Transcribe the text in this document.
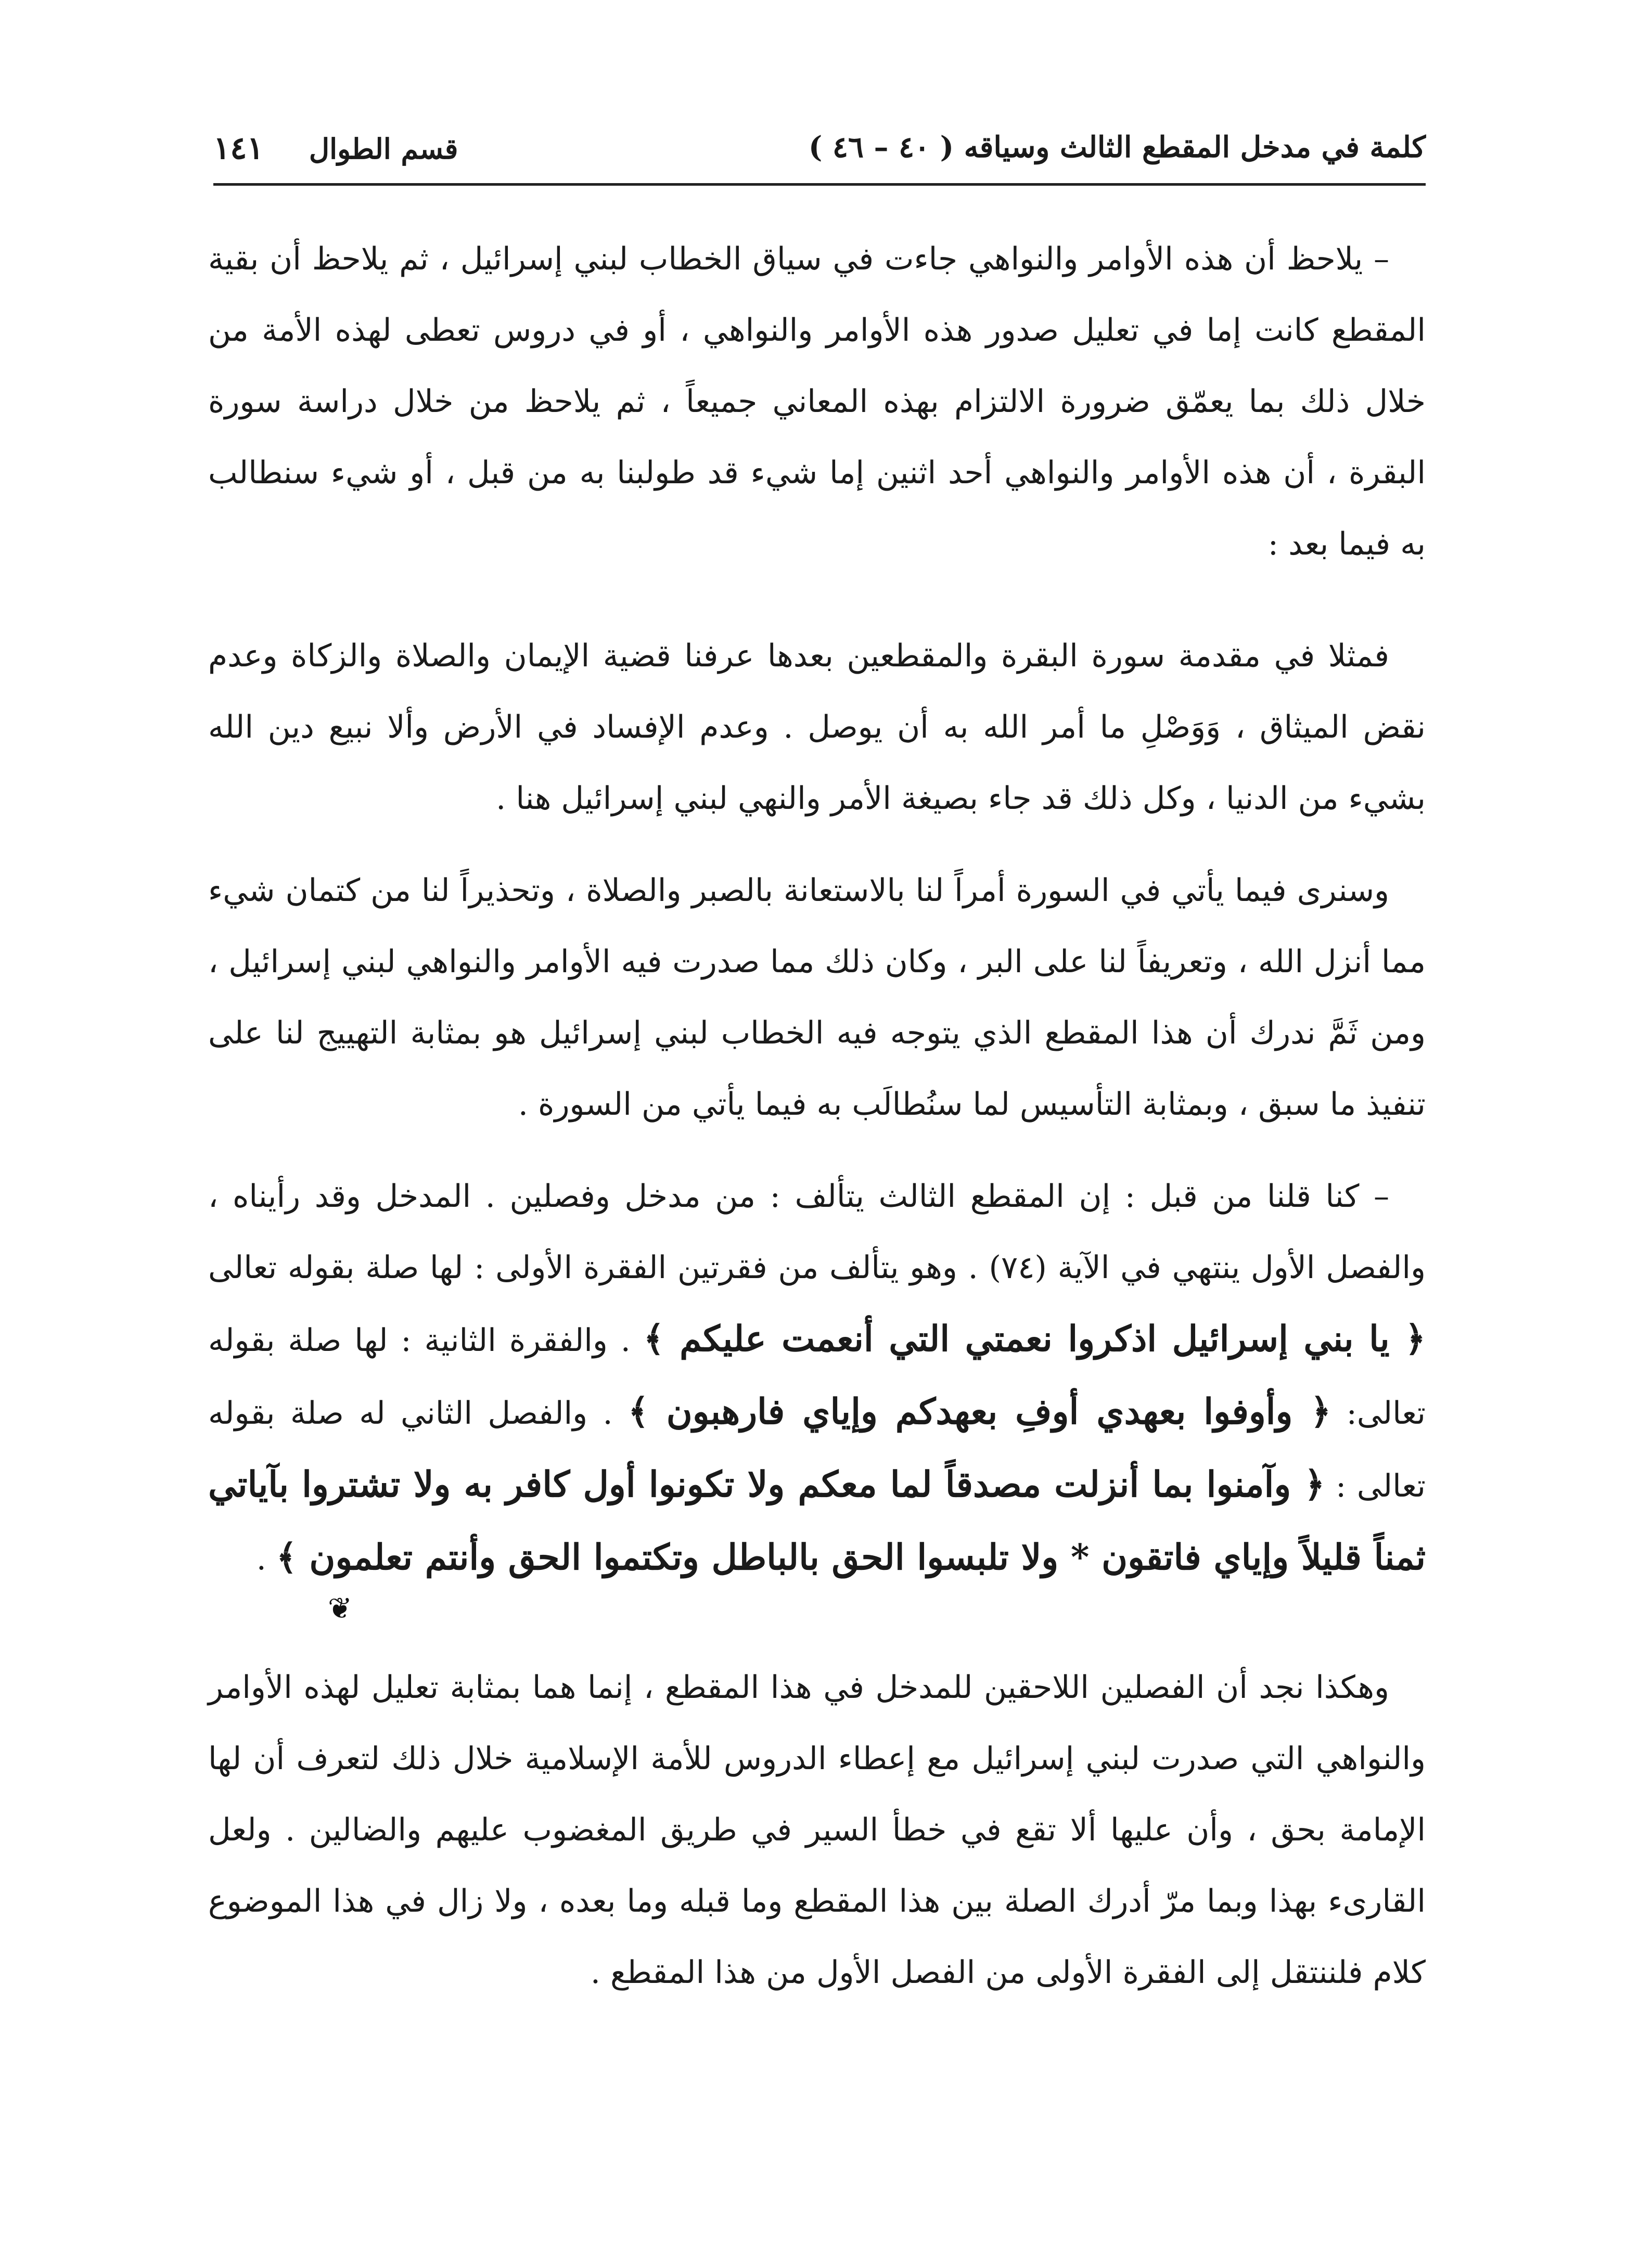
كلمة في مدخل المقطع الثالث وسياقه ( ٤٠ – ٤٦ )
قسم الطوال ١٤١

– يلاحظ أن هذه الأوامر والنواهي جاءت في سياق الخطاب لبني إسرائيل ، ثم يلاحظ أن بقية المقطع كانت إما في تعليل صدور هذه الأوامر والنواهي ، أو في دروس تعطى لهذه الأمة من خلال ذلك بما يعمّق ضرورة الالتزام بهذه المعاني جميعاً ، ثم يلاحظ من خلال دراسة سورة البقرة ، أن هذه الأوامر والنواهي أحد اثنين إما شيء قد طولبنا به من قبل ، أو شيء سنطالب به فيما بعد :

فمثلا في مقدمة سورة البقرة والمقطعين بعدها عرفنا قضية الإيمان والصلاة والزكاة وعدم نقض الميثاق ، وَوَصْلِ ما أمر الله به أن يوصل . وعدم الإفساد في الأرض وألا نبيع دين الله بشيء من الدنيا ، وكل ذلك قد جاء بصيغة الأمر والنهي لبني إسرائيل هنا .

وسنرى فيما يأتي في السورة أمراً لنا بالاستعانة بالصبر والصلاة ، وتحذيراً لنا من كتمان شيء مما أنزل الله ، وتعريفاً لنا على البر ، وكان ذلك مما صدرت فيه الأوامر والنواهي لبني إسرائيل ، ومن ثَمَّ ندرك أن هذا المقطع الذي يتوجه فيه الخطاب لبني إسرائيل هو بمثابة التهييج لنا على تنفيذ ما سبق ، وبمثابة التأسيس لما سنُطالَب به فيما يأتي من السورة .

– كنا قلنا من قبل : إن المقطع الثالث يتألف : من مدخل وفصلين . المدخل وقد رأيناه ، والفصل الأول ينتهي في الآية (٧٤) . وهو يتألف من فقرتين الفقرة الأولى : لها صلة بقوله تعالى ﴿ يا بني إسرائيل اذكروا نعمتي التي أنعمت عليكم ﴾ . والفقرة الثانية : لها صلة بقوله تعالى: ﴿ وأوفوا بعهدي أوفِ بعهدكم وإياي فارهبون ﴾ . والفصل الثاني له صلة بقوله تعالى : ﴿ وآمنوا بما أنزلت مصدقاً لما معكم ولا تكونوا أول كافر به ولا تشتروا بآياتي ثمناً قليلاً وإياي فاتقون * ولا تلبسوا الحق بالباطل وتكتموا الحق وأنتم تعلمون ﴾ .

وهكذا نجد أن الفصلين اللاحقين للمدخل في هذا المقطع ، إنما هما بمثابة تعليل لهذه الأوامر والنواهي التي صدرت لبني إسرائيل مع إعطاء الدروس للأمة الإسلامية خلال ذلك لتعرف أن لها الإمامة بحق ، وأن عليها ألا تقع في خطأ السير في طريق المغضوب عليهم والضالين . ولعل القارىء بهذا وبما مرّ أدرك الصلة بين هذا المقطع وما قبله وما بعده ، ولا زال في هذا الموضوع كلام فلننتقل إلى الفقرة الأولى من الفصل الأول من هذا المقطع .

❦
